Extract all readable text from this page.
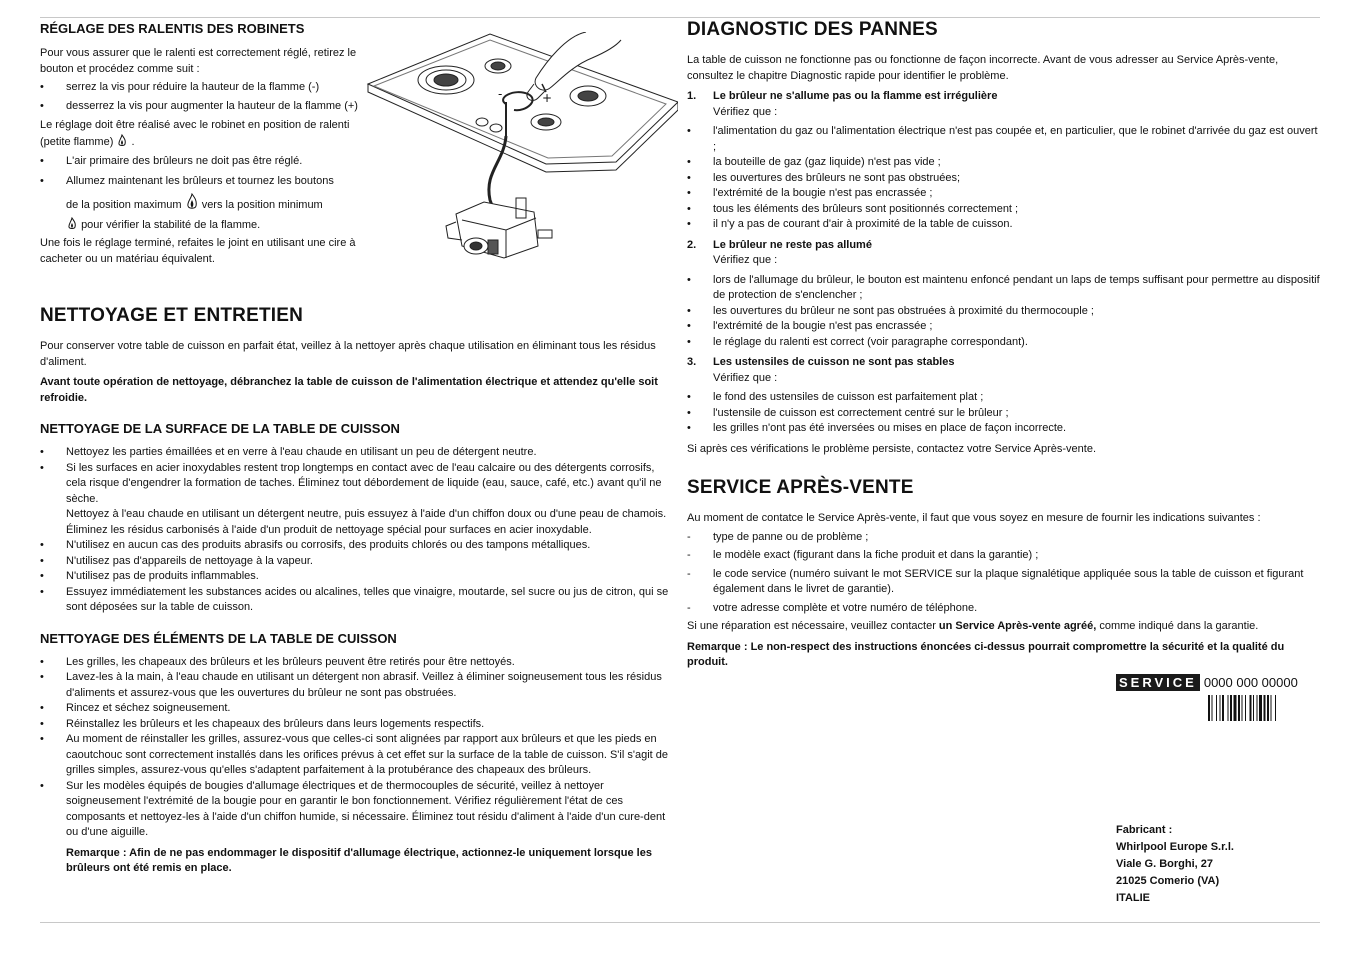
RÉGLAGE DES RALENTIS DES ROBINETS

Pour vous assurer que le ralenti est correctement réglé, retirez le bouton et procédez comme suit :

• serrez la vis pour réduire la hauteur de la flamme (-)
• desserrez la vis pour augmenter la hauteur de la flamme (+)

Le réglage doit être réalisé avec le robinet en position de ralenti (petite flamme) .

• L'air primaire des brûleurs ne doit pas être réglé.
• Allumez maintenant les brûleurs et tournez les boutons

de la position maximum vers la position minimum

pour vérifier la stabilité de la flamme.

Une fois le réglage terminé, refaites le joint en utilisant une cire à cacheter ou un matériau équivalent.

NETTOYAGE ET ENTRETIEN

Pour conserver votre table de cuisson en parfait état, veillez à la nettoyer après chaque utilisation en éliminant tous les résidus d'aliment.

Avant toute opération de nettoyage, débranchez la table de cuisson de l'alimentation électrique et attendez qu'elle soit refroidie.

NETTOYAGE DE LA SURFACE DE LA TABLE DE CUISSON
• Nettoyez les parties émaillées et en verre à l'eau chaude en utilisant un peu de détergent neutre.
• Si les surfaces en acier inoxydables restent trop longtemps en contact avec de l'eau calcaire ou des détergents corrosifs, cela risque d'engendrer la formation de taches. Éliminez tout débordement de liquide (eau, sauce, café, etc.) avant qu'il ne sèche.

Nettoyez à l'eau chaude en utilisant un détergent neutre, puis essuyez à l'aide d'un chiffon doux ou d'une peau de chamois. Éliminez les résidus carbonisés à l'aide d'un produit de nettoyage spécial pour surfaces en acier inoxydable.

• N'utilisez en aucun cas des produits abrasifs ou corrosifs, des produits chlorés ou des tampons métalliques.
• N'utilisez pas d'appareils de nettoyage à la vapeur.
• N'utilisez pas de produits inflammables.
• Essuyez immédiatement les substances acides ou alcalines, telles que vinaigre, moutarde, sel sucre ou jus de citron, qui se sont déposées sur la table de cuisson.
NETTOYAGE DES ÉLÉMENTS DE LA TABLE DE CUISSON
• Les grilles, les chapeaux des brûleurs et les brûleurs peuvent être retirés pour être nettoyés.
• Lavez-les à la main, à l'eau chaude en utilisant un détergent non abrasif. Veillez à éliminer soigneusement tous les résidus d'aliments et assurez-vous que les ouvertures du brûleur ne sont pas obstruées.
• Rincez et séchez soigneusement.
• Réinstallez les brûleurs et les chapeaux des brûleurs dans leurs logements respectifs.
• Au moment de réinstaller les grilles, assurez-vous que celles-ci sont alignées par rapport aux brûleurs et que les pieds en caoutchouc sont correctement installés dans les orifices prévus à cet effet sur la surface de la table de cuisson. S'il s'agit de grilles simples, assurez-vous qu'elles s'adaptent parfaitement à la protubérance des chapeaux des brûleurs.
• Sur les modèles équipés de bougies d'allumage électriques et de thermocouples de sécurité, veillez à nettoyer soigneusement l'extrémité de la bougie pour en garantir le bon fonctionnement. Vérifiez régulièrement l'état de ces composants et nettoyez-les à l'aide d'un chiffon humide, si nécessaire. Éliminez tout résidu d'aliment à l'aide d'un cure-dent ou d'une aiguille.

Remarque : Afin de ne pas endommager le dispositif d'allumage électrique, actionnez-le uniquement lorsque les brûleurs ont été remis en place.

+
-
DIAGNOSTIC DES PANNES

La table de cuisson ne fonctionne pas ou fonctionne de façon incorrecte. Avant de vous adresser au Service Après-vente, consultez le chapitre Diagnostic rapide pour identifier le problème.

1. Le brûleur ne s'allume pas ou la flamme est irrégulière

Vérifiez que :

• l'alimentation du gaz ou l'alimentation électrique n'est pas coupée et, en particulier, que le robinet d'arrivée du gaz est ouvert ;
• la bouteille de gaz (gaz liquide) n'est pas vide ;
• les ouvertures des brûleurs ne sont pas obstruées;
• l'extrémité de la bougie n'est pas encrassée ;
• tous les éléments des brûleurs sont positionnés correctement ;
• il n'y a pas de courant d'air à proximité de la table de cuisson.

2. Le brûleur ne reste pas allumé

Vérifiez que :

• lors de l'allumage du brûleur, le bouton est maintenu enfoncé pendant un laps de temps suffisant pour permettre au dispositif de protection de s'enclencher ;
• les ouvertures du brûleur ne sont pas obstruées à proximité du thermocouple ;
• l'extrémité de la bougie n'est pas encrassée ;
• le réglage du ralenti est correct (voir paragraphe correspondant).

3. Les ustensiles de cuisson ne sont pas stables

Vérifiez que :

• le fond des ustensiles de cuisson est parfaitement plat ;
• l'ustensile de cuisson est correctement centré sur le brûleur ;
• les grilles n'ont pas été inversées ou mises en place de façon incorrecte.

Si après ces vérifications le problème persiste, contactez votre Service Après-vente.

SERVICE APRÈS-VENTE

Au moment de contatce le Service Après-vente, il faut que vous soyez en mesure de fournir les indications suivantes :

- type de panne ou de problème ;
- le modèle exact (figurant dans la fiche produit et dans la garantie) ;
- le code service (numéro suivant le mot SERVICE sur la plaque signalétique appliquée sous la table de cuisson et figurant également dans le livret de garantie).
- votre adresse complète et votre numéro de téléphone.

Si une réparation est nécessaire, veuillez contacter un Service Après-vente agréé, comme indiqué dans la garantie.

Remarque : Le non-respect des instructions énoncées ci-dessus pourrait compromettre la sécurité et la qualité du produit.

SERVICE 0000 000 00000
Fabricant :
Whirlpool Europe S.r.l.
Viale G. Borghi, 27
21025 Comerio (VA)
ITALIE
